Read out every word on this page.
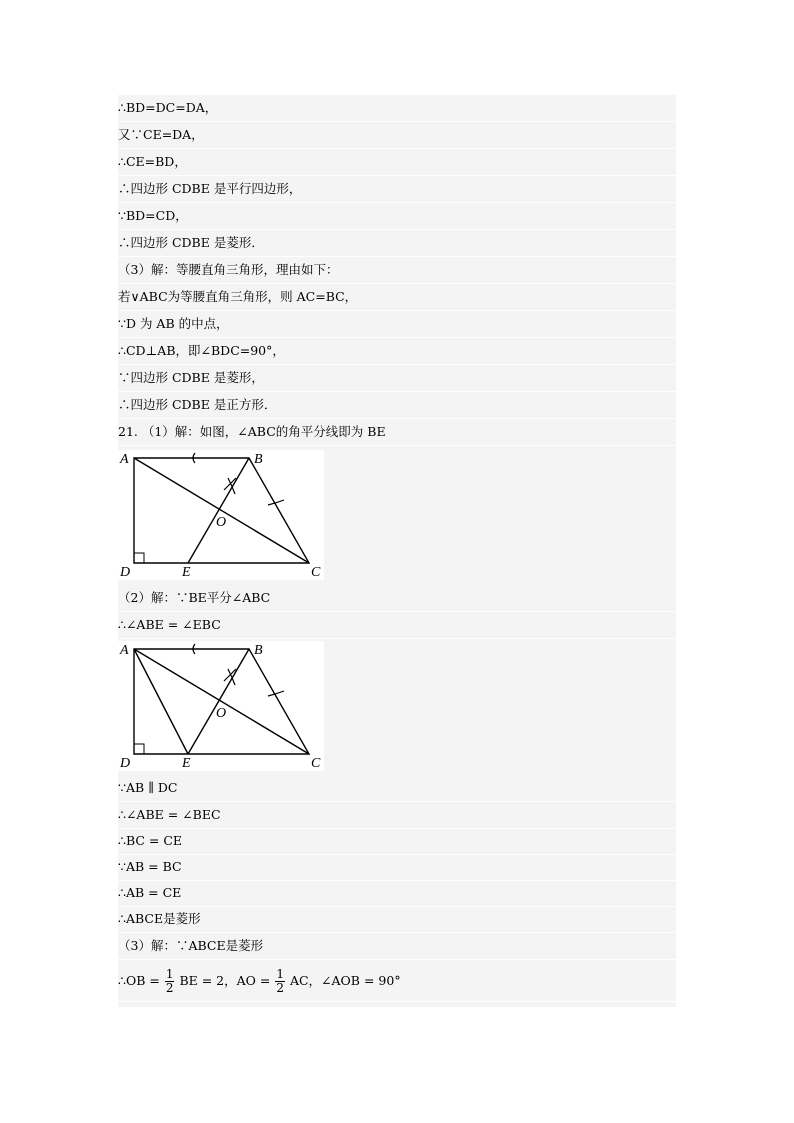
∴BD=DC=DA，
又∵CE=DA，
∴CE=BD，
∴四边形 CDBE 是平行四边形，
∵BD=CD，
∴四边形 CDBE 是菱形．
（3）解：等腰直角三角形，理由如下：
若∨ABC为等腰直角三角形，则 AC=BC，
∵D 为 AB 的中点，
∴CD⊥AB，即∠BDC=90°，
∵四边形 CDBE 是菱形，
∴四边形 CDBE 是正方形．
21. （1）解：如图，∠ABC的角平分线即为 BE
A	B
C
D	E
O
（2）解：∵BE平分∠ABC
∴∠ABE = ∠EBC
A	B
C
D	E
O
∵AB ∥ DC
∴∠ABE = ∠BEC
∴BC = CE
∵AB = BC
∴AB = CE
∴ABCE是菱形
（3）解：∵ABCE是菱形
∴OB = $\frac{1}{2}$ BE = 2，AO = $\frac{1}{2}$ AC，∠AOB = 90°
